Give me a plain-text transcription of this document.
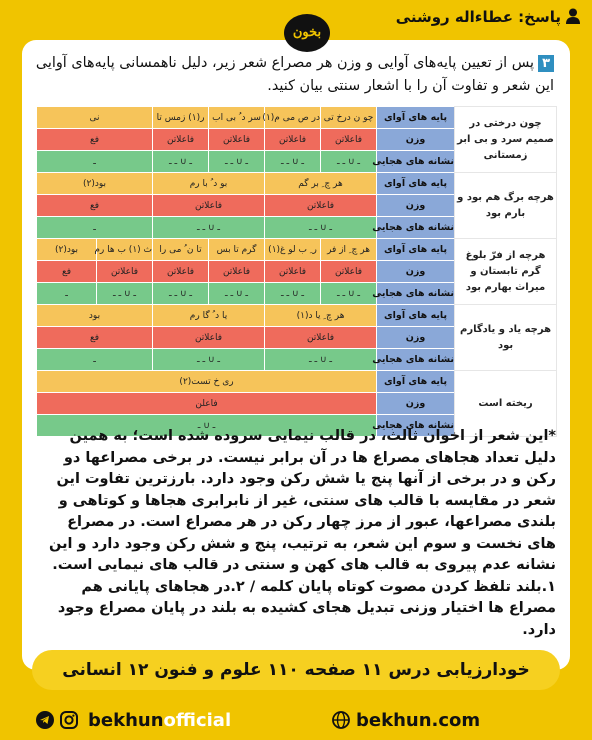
پاسخ: عطاءاله روشنی
بخون
۳پس از تعیین پایه‌های آوایی و وزن هر مصراع شعر زیر، دلیل ناهمسانی پایه‌های آوایی این شعر و تفاوت آن را با اشعار سنتی بیان کنید.
چون درختی در صمیم سرد و بی ابر زمستانی	پایه های آوای	چو ن درخ تی	در ص می م(۱)	سر د ُ بی اب	ر(۱) زمس تا	نی	
	وزن	فاعلاتن	فاعلاتن	فاعلاتن	فاعلاتن	فع	
	نشانه های هجایی	ـ ∪ ـ ـ	ـ ∪ ـ ـ	ـ ∪ ـ ـ	ـ ∪ ـ ـ	ـ	
هرچه برگ هم بود و بارم بود	پایه های آوای	هر چ ِ بر گم		بو د ُ با رم		بود(۲)	
	وزن	فاعلاتن		فاعلاتن		فع	
	نشانه های هجایی	ـ ∪ ـ ـ		ـ ∪ ـ ـ		ـ	
هرچه از فرّ بلوغ گرم تابستان و میراث بهارم بود	پایه های آوای	هر چ ِ از فر	ر ِ ب لو غ(۱)	گرم تا بس	تا ن ُ می را	ث (۱) ب ها رم	بود(۲)
	وزن	فاعلاتن	فاعلاتن	فاعلاتن	فاعلاتن	فاعلاتن	فع
	نشانه های هجایی	ـ ∪ ـ ـ	ـ ∪ ـ ـ	ـ ∪ ـ ـ	ـ ∪ ـ ـ	ـ ∪ ـ ـ	ـ
هرچه یاد و یادگارم بود	پایه های آوای	هر چ ِ یا د(۱)		یا د ُ گا رم		بود	
	وزن	فاعلاتن		فاعلاتن		فع	
	نشانه های هجایی	ـ ∪ ـ ـ		ـ ∪ ـ ـ		ـ	
ریخته است	پایه های آوای	ری خ تست(۲)					
	وزن	فاعلن					
	نشانه های هجایی	ـ ∪ ـ					
*این شعر از اخوان ثالث، در قالب نیمایی سروده شده است؛ به همین دلیل تعداد هجاهای مصراع ها در آن برابر نیست. در برخی مصراعها دو رکن و در برخی از آنها پنج یا شش رکن وجود دارد. بارزترین تفاوت این شعر در مقایسه با قالب های سنتی، غیر از نابرابری هجاها و کوتاهی و بلندی مصراعها، عبور از مرز چهار رکن در هر مصراع است. در مصراع های نخست و سوم این شعر، به ترتیب، پنج و شش رکن وجود دارد و این نشانه عدم پیروی به قالب های کهن و سنتی در قالب های نیمایی است.
۱.بلند تلفظ کردن مصوت کوتاه پایان کلمه / ۲.در هجاهای پایانی هم مصراع ها اختیار وزنی تبدیل هجای کشیده به بلند در پایان مصراع وجود دارد.
خودارزیابی درس ۱۱ صفحه ۱۱۰ علوم و فنون ۱۲ انسانی
bekhunofficial	bekhun.com
